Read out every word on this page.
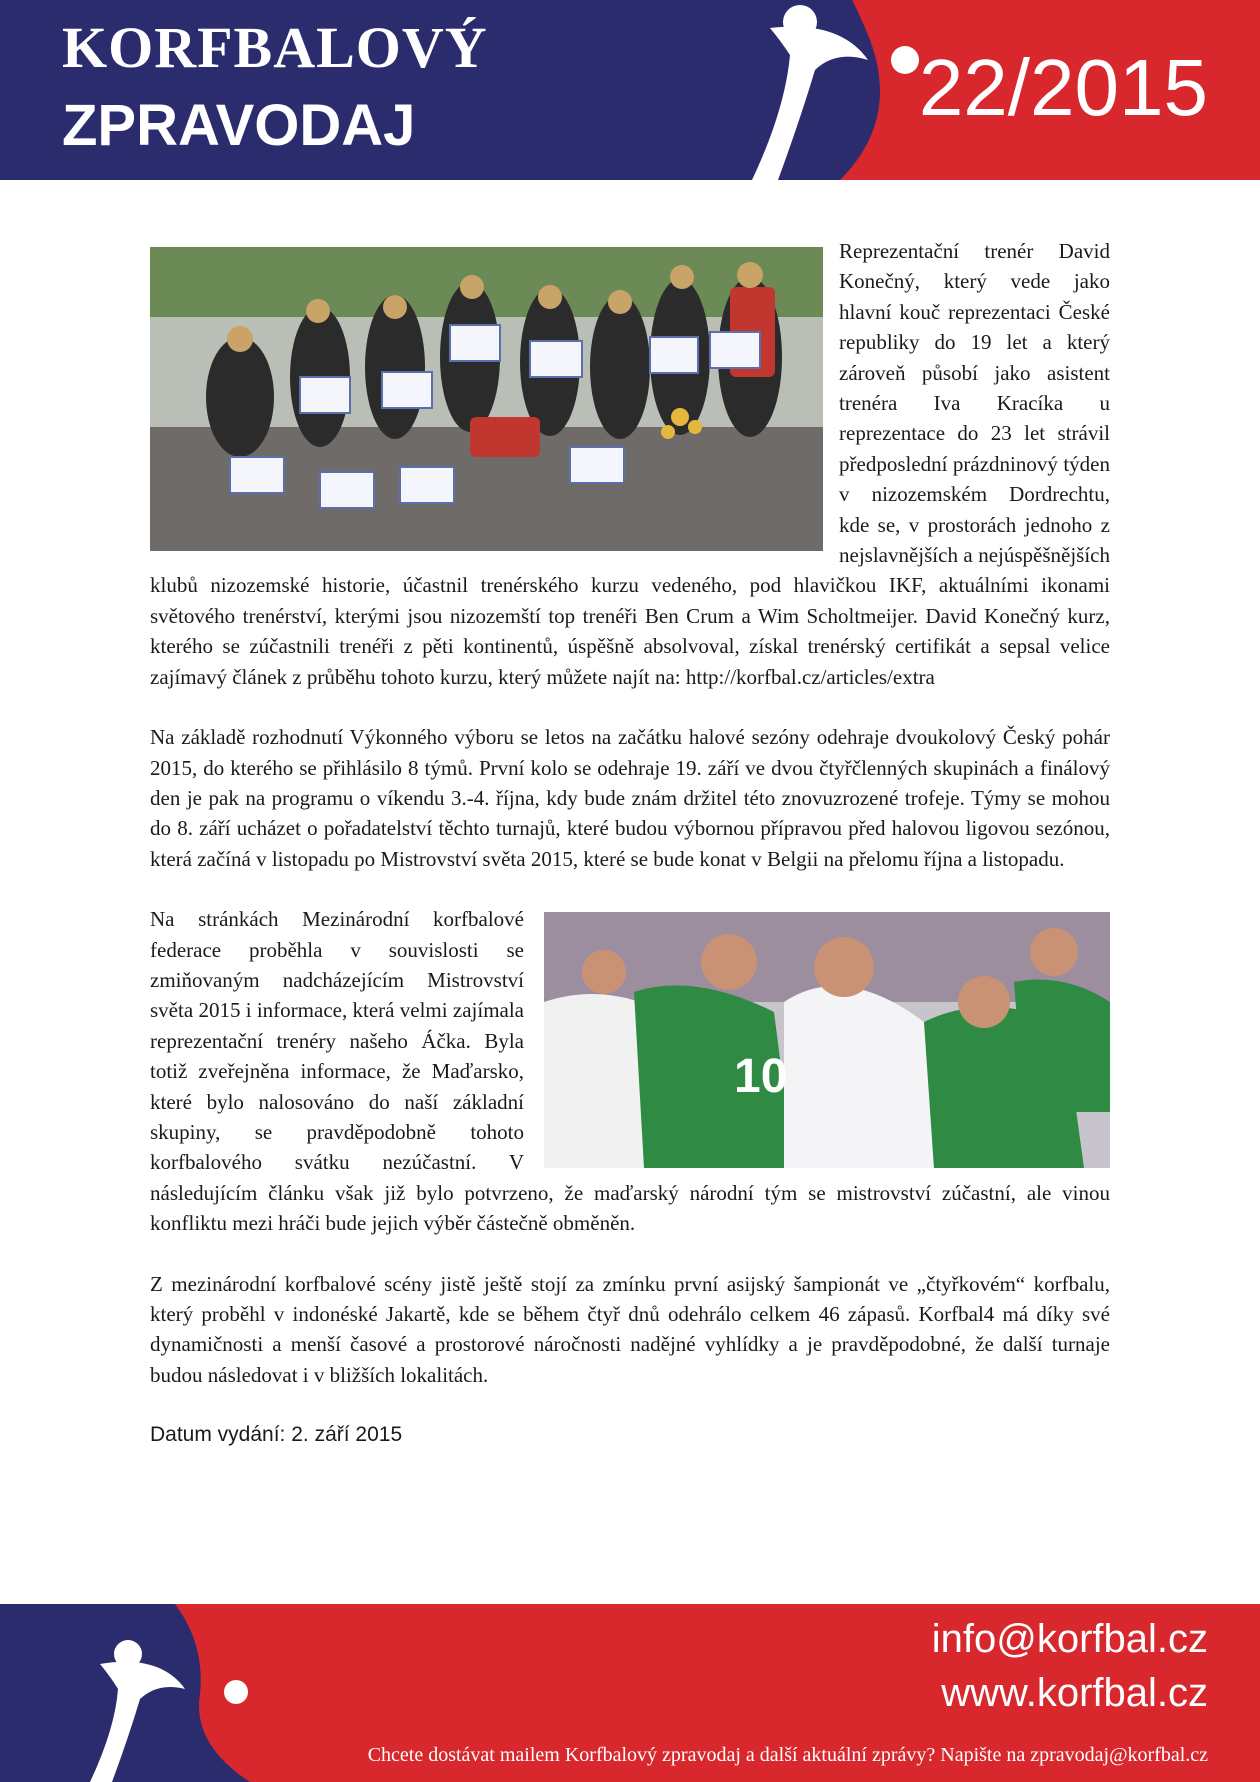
KORFBALOVÝ
ZPRAVODAJ	22/2015

Reprezentační trenér David Konečný, který vede jako hlavní kouč reprezentaci České republiky do 19 let a který zároveň působí jako asistent trenéra Iva Kracíka u reprezentace do 23 let strávil předposlední prázdninový týden v nizozemském Dordrechtu, kde se, v prostorách jednoho z nejslavnějších a nejúspěšnějších klubů nizozemské historie, účastnil trenérského kurzu vedeného, pod hlavičkou IKF, aktuálními ikonami světového trenérství, kterými jsou nizozemští top trenéři Ben Crum a Wim Scholtmeijer. David Konečný kurz, kterého se zúčastnili trenéři z pěti kontinentů, úspěšně absolvoval, získal trenérský certifikát a sepsal velice zajímavý článek z průběhu tohoto kurzu, který můžete najít na: http://korfbal.cz/articles/extra

Na základě rozhodnutí Výkonného výboru se letos na začátku halové sezóny odehraje dvoukolový Český pohár 2015, do kterého se přihlásilo 8 týmů. První kolo se odehraje 19. září ve dvou čtyřčlenných skupinách a finálový den je pak na programu o víkendu 3.-4. října, kdy bude znám držitel této znovuzrozené trofeje. Týmy se mohou do 8. září ucházet o pořadatelství těchto turnajů, které budou výbornou přípravou před halovou ligovou sezónou, která začíná v listopadu po Mistrovství světa 2015, které se bude konat v Belgii na přelomu října a listopadu.

10

Na stránkách Mezinárodní korfbalové federace proběhla v souvislosti se zmiňovaným nadcházejícím Mistrovství světa 2015 i informace, která velmi zajímala reprezentační trenéry našeho Áčka. Byla totiž zveřejněna informace, že Maďarsko, které bylo nalosováno do naší základní skupiny, se pravděpodobně tohoto korfbalového svátku nezúčastní. V následujícím článku však již bylo potvrzeno, že maďarský národní tým se mistrovství zúčastní, ale vinou konfliktu mezi hráči bude jejich výběr částečně obměněn.

Z mezinárodní korfbalové scény jistě ještě stojí za zmínku první asijský šampionát ve „čtyřkovém“ korfbalu, který proběhl v indonéské Jakartě, kde se během čtyř dnů odehrálo celkem 46 zápasů. Korfbal4 má díky své dynamičnosti a menší časové a prostorové náročnosti nadějné vyhlídky a je pravděpodobné, že další turnaje budou následovat i v bližších lokalitách.

Datum vydání: 2. září 2015
info@korfbal.cz
www.korfbal.cz
Chcete dostávat mailem Korfbalový zpravodaj a další aktuální zprávy? Napište na zpravodaj@korfbal.cz
